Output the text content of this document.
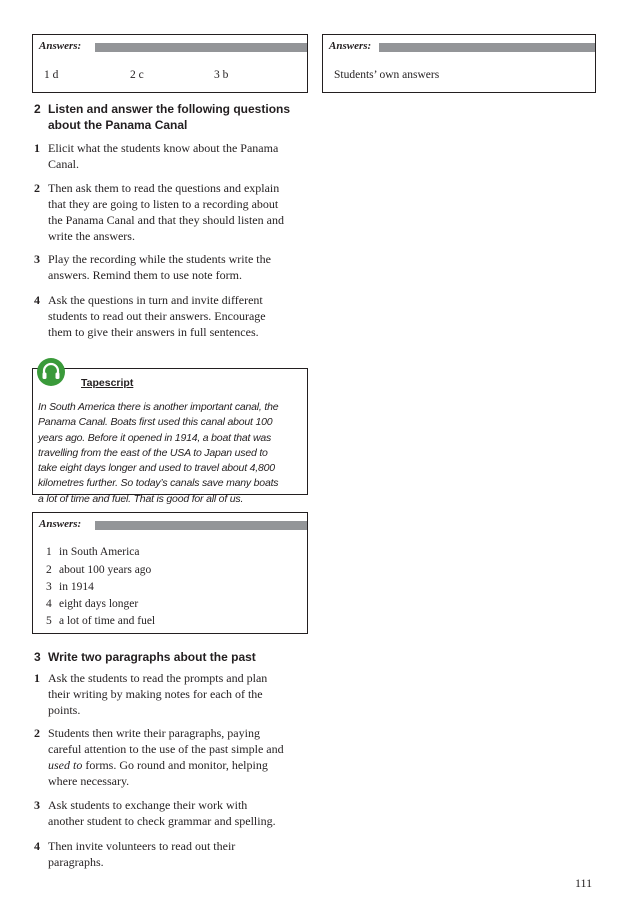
Answers:
1 d	2 c	3 b
Answers:
Students’ own answers
2 Listen and answer the following questions
about the Panama Canal
1 Elicit what the students know about the Panama
Canal.
2 Then ask them to read the questions and explain
that they are going to listen to a recording about
the Panama Canal and that they should listen and
write the answers.
3 Play the recording while the students write the
answers. Remind them to use note form.
4 Ask the questions in turn and invite different
students to read out their answers. Encourage
them to give their answers in full sentences.
Tapescript
In South America there is another important canal, the
Panama Canal. Boats first used this canal about 100
years ago. Before it opened in 1914, a boat that was
travelling from the east of the USA to Japan used to
take eight days longer and used to travel about 4,800
kilometres further. So today’s canals save many boats
a lot of time and fuel. That is good for all of us.
Answers:
1 in South America
2 about 100 years ago
3 in 1914
4 eight days longer
5 a lot of time and fuel
3 Write two paragraphs about the past
1 Ask the students to read the prompts and plan
their writing by making notes for each of the
points.
2 Students then write their paragraphs, paying
careful attention to the use of the past simple and
used to forms. Go round and monitor, helping
where necessary.
3 Ask students to exchange their work with
another student to check grammar and spelling.
4 Then invite volunteers to read out their
paragraphs.
111
